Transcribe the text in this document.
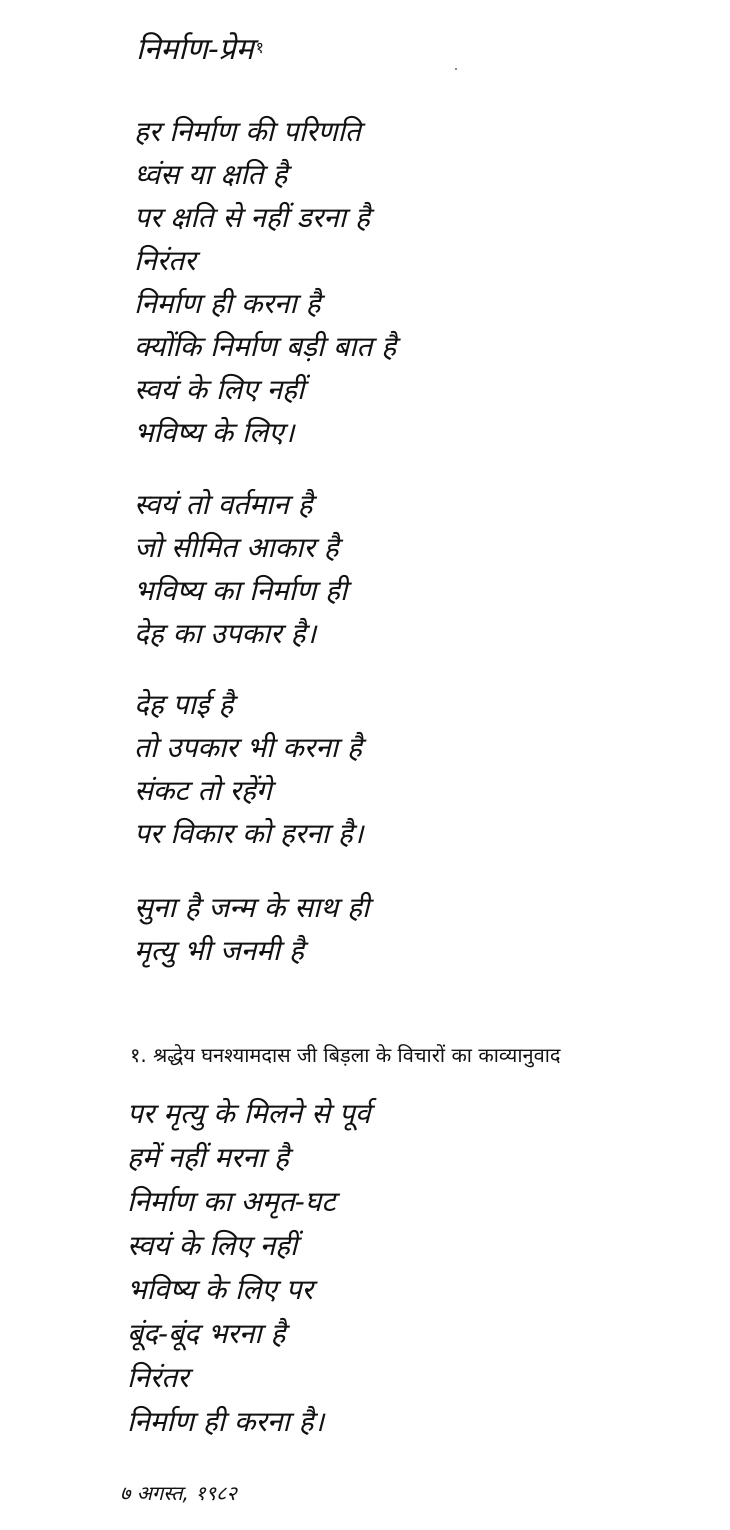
निर्माण-प्रेम $^१$
हर निर्माण की परिणति
ध्वंस या क्षति है
पर क्षति से नहीं डरना है
निरंतर
निर्माण ही करना है
क्योंकि निर्माण बड़ी बात है
स्वयं के लिए नहीं
भविष्य के लिए।
स्वयं तो वर्तमान है
जो सीमित आकार है
भविष्य का निर्माण ही
देह का उपकार है।
देह पाई है
तो उपकार भी करना है
संकट तो रहेंगे
पर विकार को हरना है।
सुना है जन्म के साथ ही
मृत्यु भी जनमी है
१. श्रद्धेय घनश्यामदास जी बिड़ला के विचारों का काव्यानुवाद
पर मृत्यु के मिलने से पूर्व
हमें नहीं मरना है
निर्माण का अमृत-घट
स्वयं के लिए नहीं
भविष्य के लिए पर
बूंद-बूंद भरना है
निरंतर
निर्माण ही करना है।
७ अगस्त, १९८२
